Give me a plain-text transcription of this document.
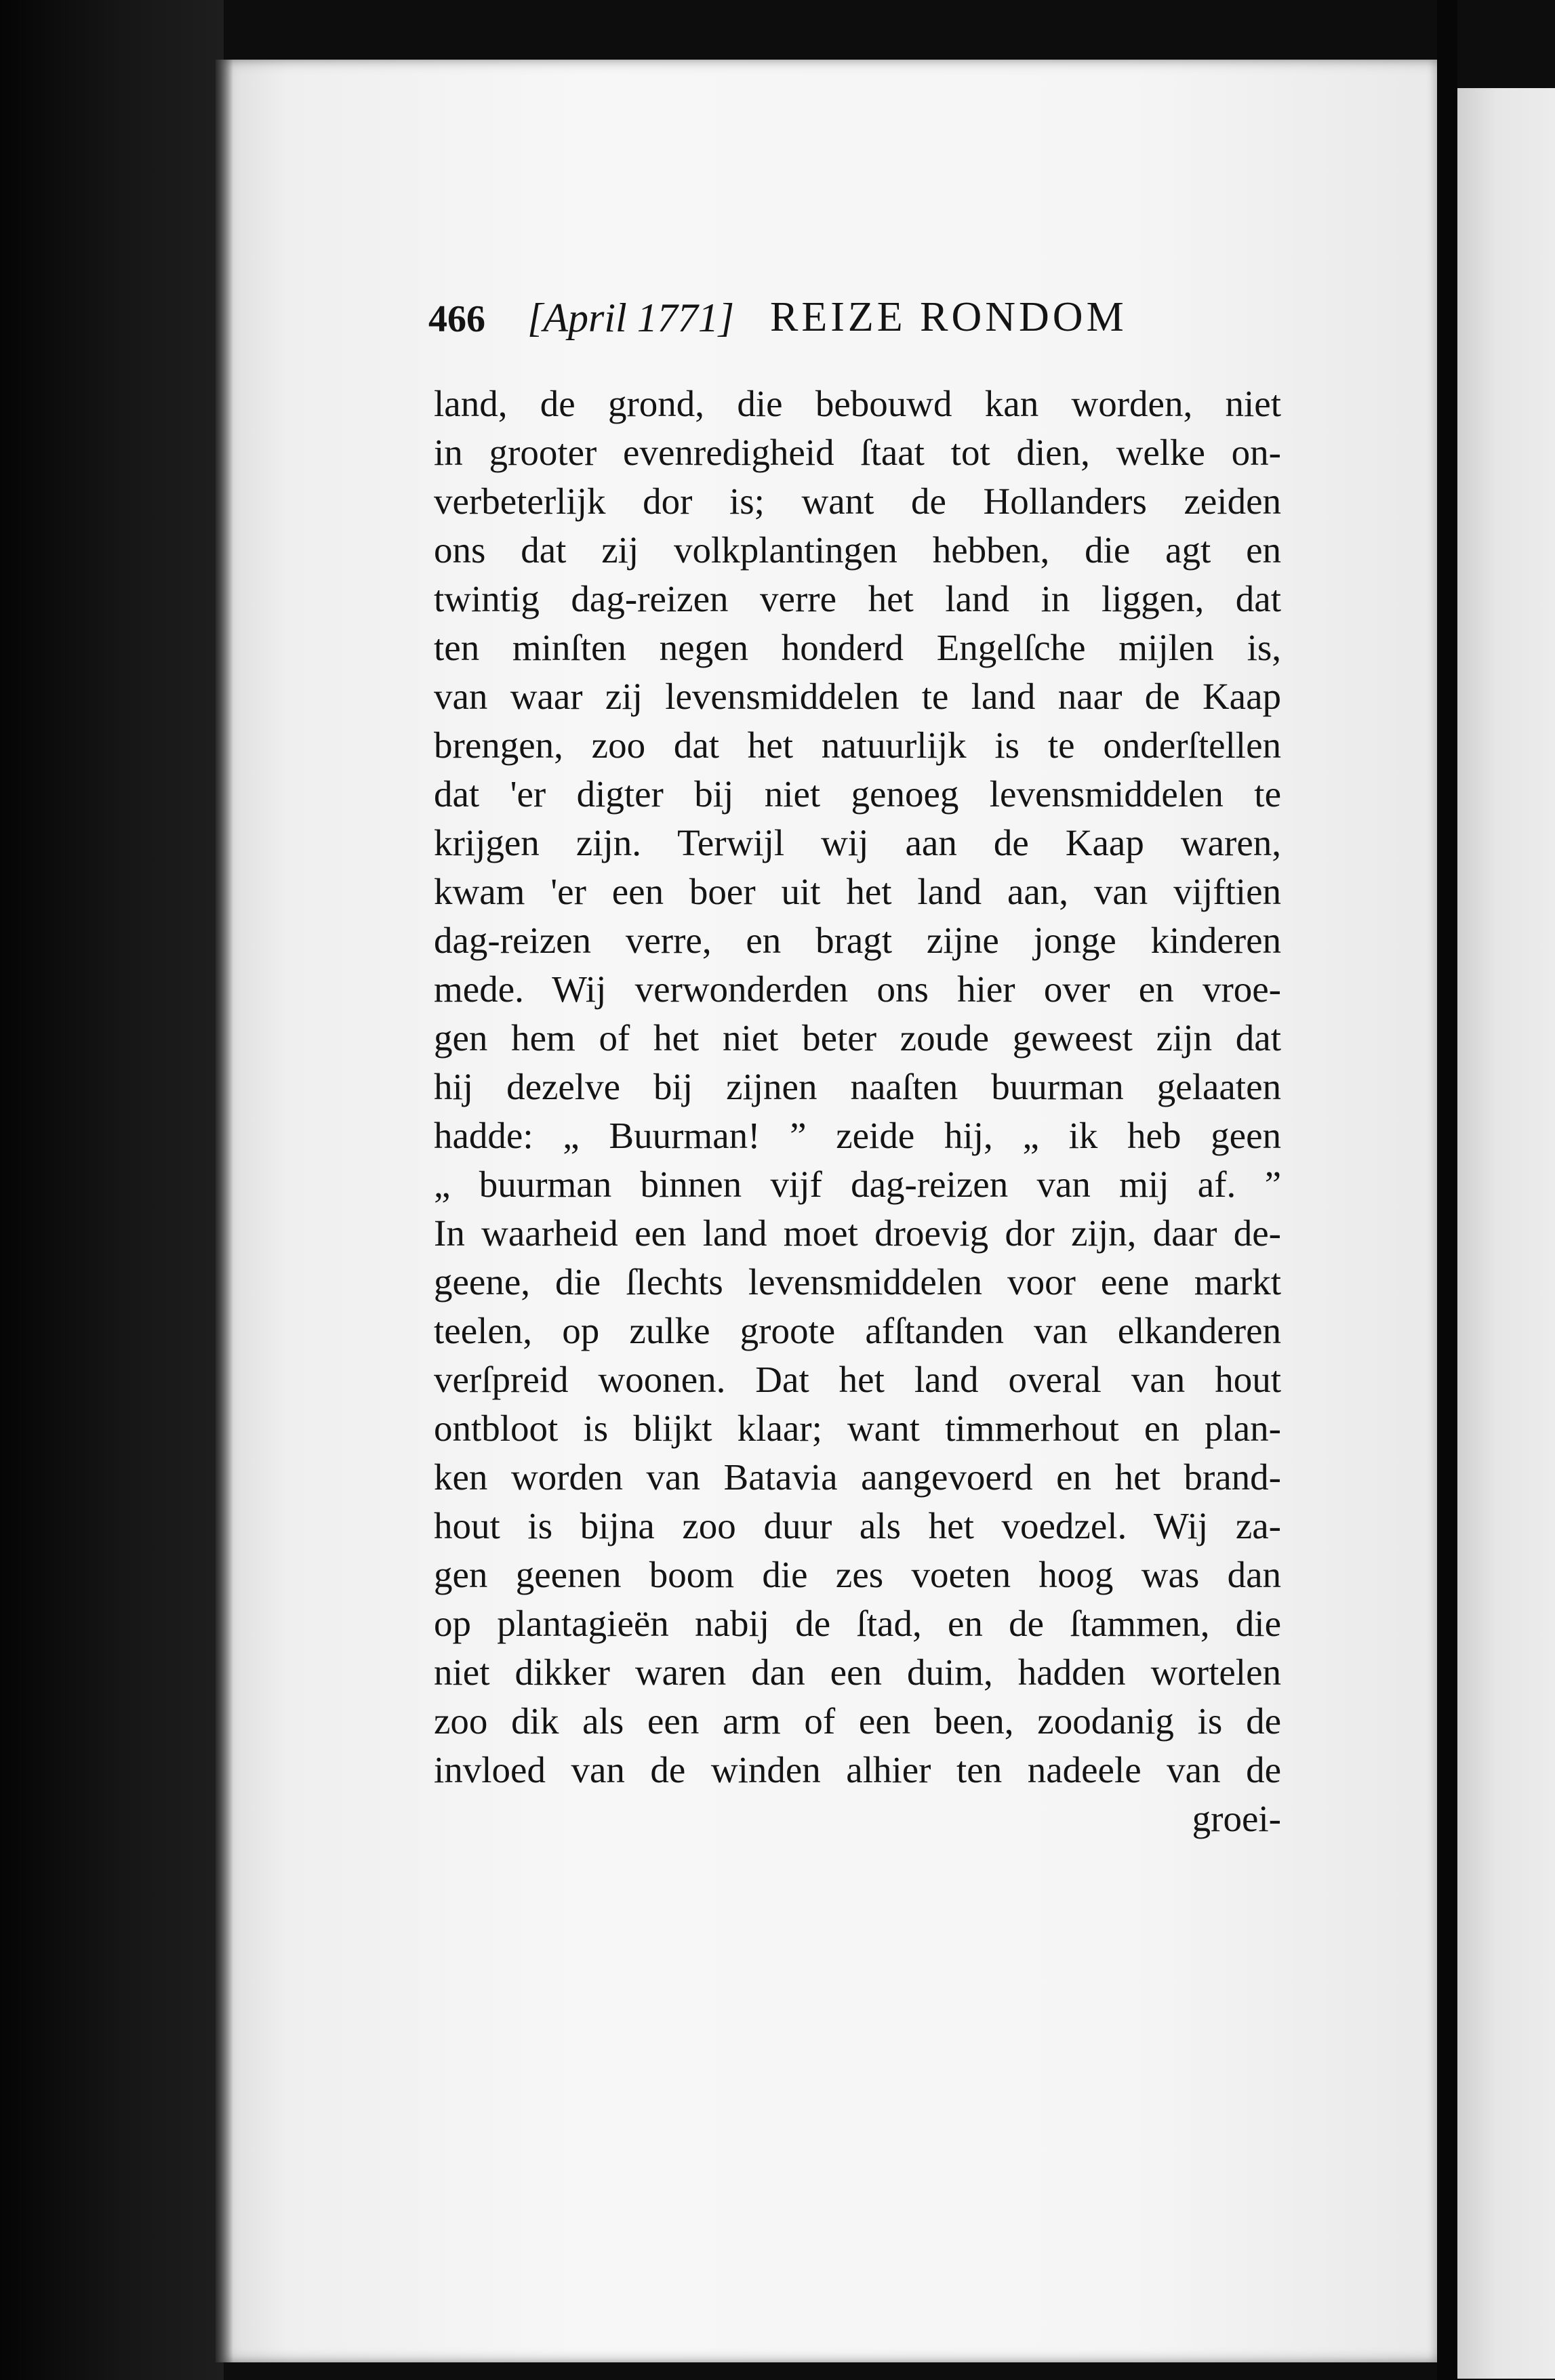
466 [April 1771] REIZE RONDOM
land, de grond, die bebouwd kan worden, niet
in grooter evenredigheid ſtaat tot dien, welke on-
verbeterlijk dor is; want de Hollanders zeiden
ons dat zij volkplantingen hebben, die agt en
twintig dag-reizen verre het land in liggen, dat
ten minſten negen honderd Engelſche mijlen is,
van waar zij levensmiddelen te land naar de Kaap
brengen, zoo dat het natuurlijk is te onderſtellen
dat 'er digter bij niet genoeg levensmiddelen te
krijgen zijn. Terwijl wij aan de Kaap waren,
kwam 'er een boer uit het land aan, van vijftien
dag-reizen verre, en bragt zijne jonge kinderen
mede. Wij verwonderden ons hier over en vroe-
gen hem of het niet beter zoude geweest zijn dat
hij dezelve bij zijnen naaſten buurman gelaaten
hadde: „ Buurman! ” zeide hij, „ ik heb geen
„ buurman binnen vijf dag-reizen van mij af. ”
In waarheid een land moet droevig dor zijn, daar de-
geene, die ſlechts levensmiddelen voor eene markt
teelen, op zulke groote afſtanden van elkanderen
verſpreid woonen. Dat het land overal van hout
ontbloot is blijkt klaar; want timmerhout en plan-
ken worden van Batavia aangevoerd en het brand-
hout is bijna zoo duur als het voedzel. Wij za-
gen geenen boom die zes voeten hoog was dan
op plantagieën nabij de ſtad, en de ſtammen, die
niet dikker waren dan een duim, hadden wortelen
zoo dik als een arm of een been, zoodanig is de
invloed van de winden alhier ten nadeele van de
groei-
